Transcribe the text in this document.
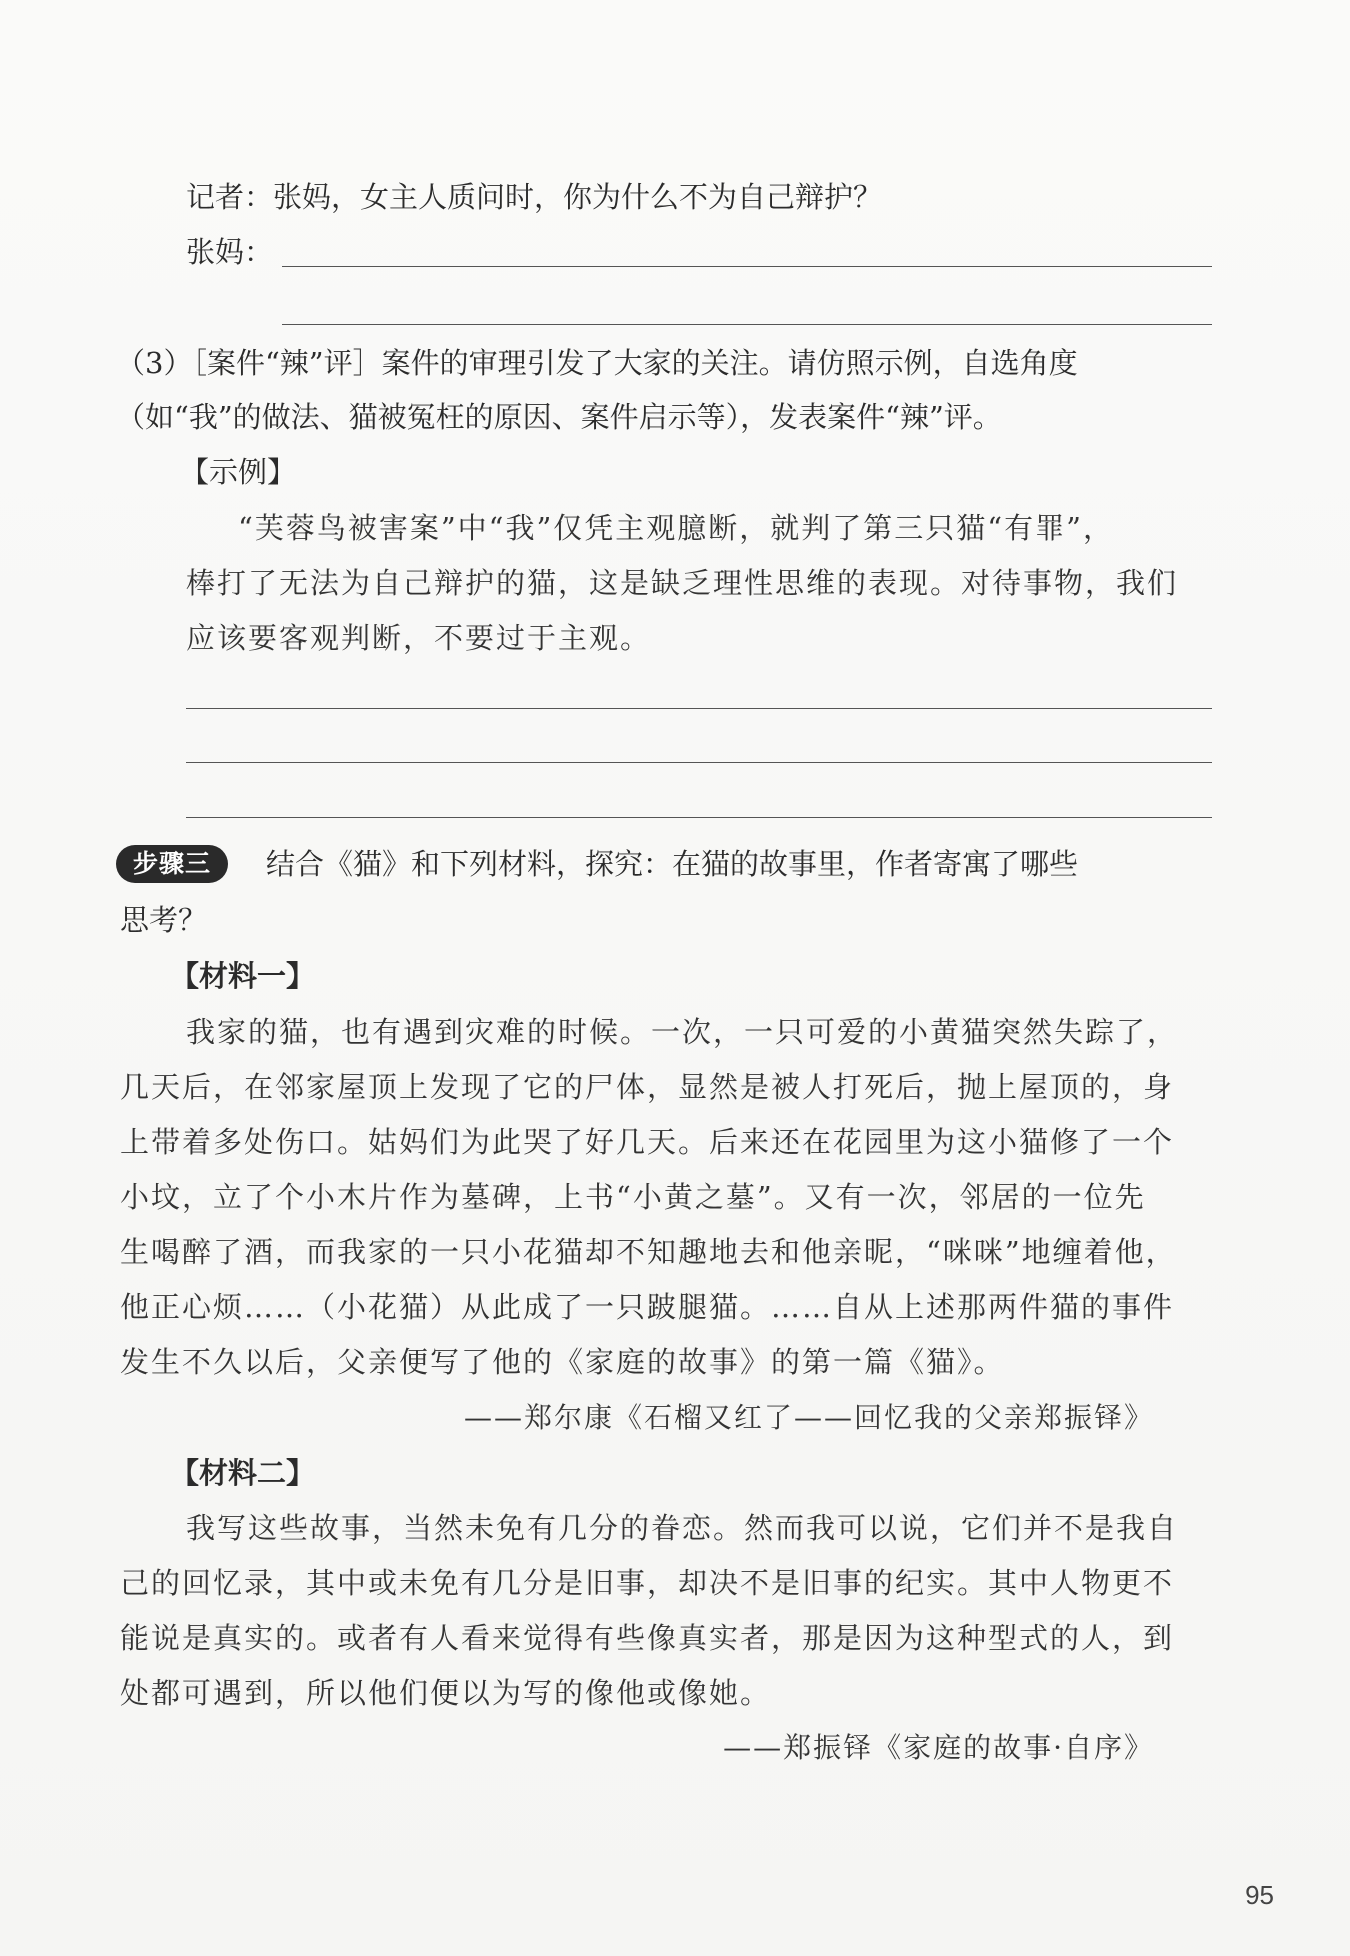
记者：张妈，女主人质问时，你为什么不为自己辩护？
张妈：
（3）［案件“辣”评］案件的审理引发了大家的关注。请仿照示例，自选角度
（如“我”的做法、猫被冤枉的原因、案件启示等），发表案件“辣”评。
【示例】
“芙蓉鸟被害案”中“我”仅凭主观臆断，就判了第三只猫“有罪”，
棒打了无法为自己辩护的猫，这是缺乏理性思维的表现。对待事物，我们
应该要客观判断，不要过于主观。
步骤三	结合《猫》和下列材料，探究：在猫的故事里，作者寄寓了哪些
思考？
【材料一】
我家的猫，也有遇到灾难的时候。一次，一只可爱的小黄猫突然失踪了，
几天后，在邻家屋顶上发现了它的尸体，显然是被人打死后，抛上屋顶的，身
上带着多处伤口。姑妈们为此哭了好几天。后来还在花园里为这小猫修了一个
小坟，立了个小木片作为墓碑，上书“小黄之墓”。又有一次，邻居的一位先
生喝醉了酒，而我家的一只小花猫却不知趣地去和他亲昵，“咪咪”地缠着他，
他正心烦……（小花猫）从此成了一只跛腿猫。……自从上述那两件猫的事件
发生不久以后，父亲便写了他的《家庭的故事》的第一篇《猫》。
——郑尔康《石榴又红了——回忆我的父亲郑振铎》
【材料二】
我写这些故事，当然未免有几分的眷恋。然而我可以说，它们并不是我自
己的回忆录，其中或未免有几分是旧事，却决不是旧事的纪实。其中人物更不
能说是真实的。或者有人看来觉得有些像真实者，那是因为这种型式的人，到
处都可遇到，所以他们便以为写的像他或像她。
——郑振铎《家庭的故事·自序》
95
